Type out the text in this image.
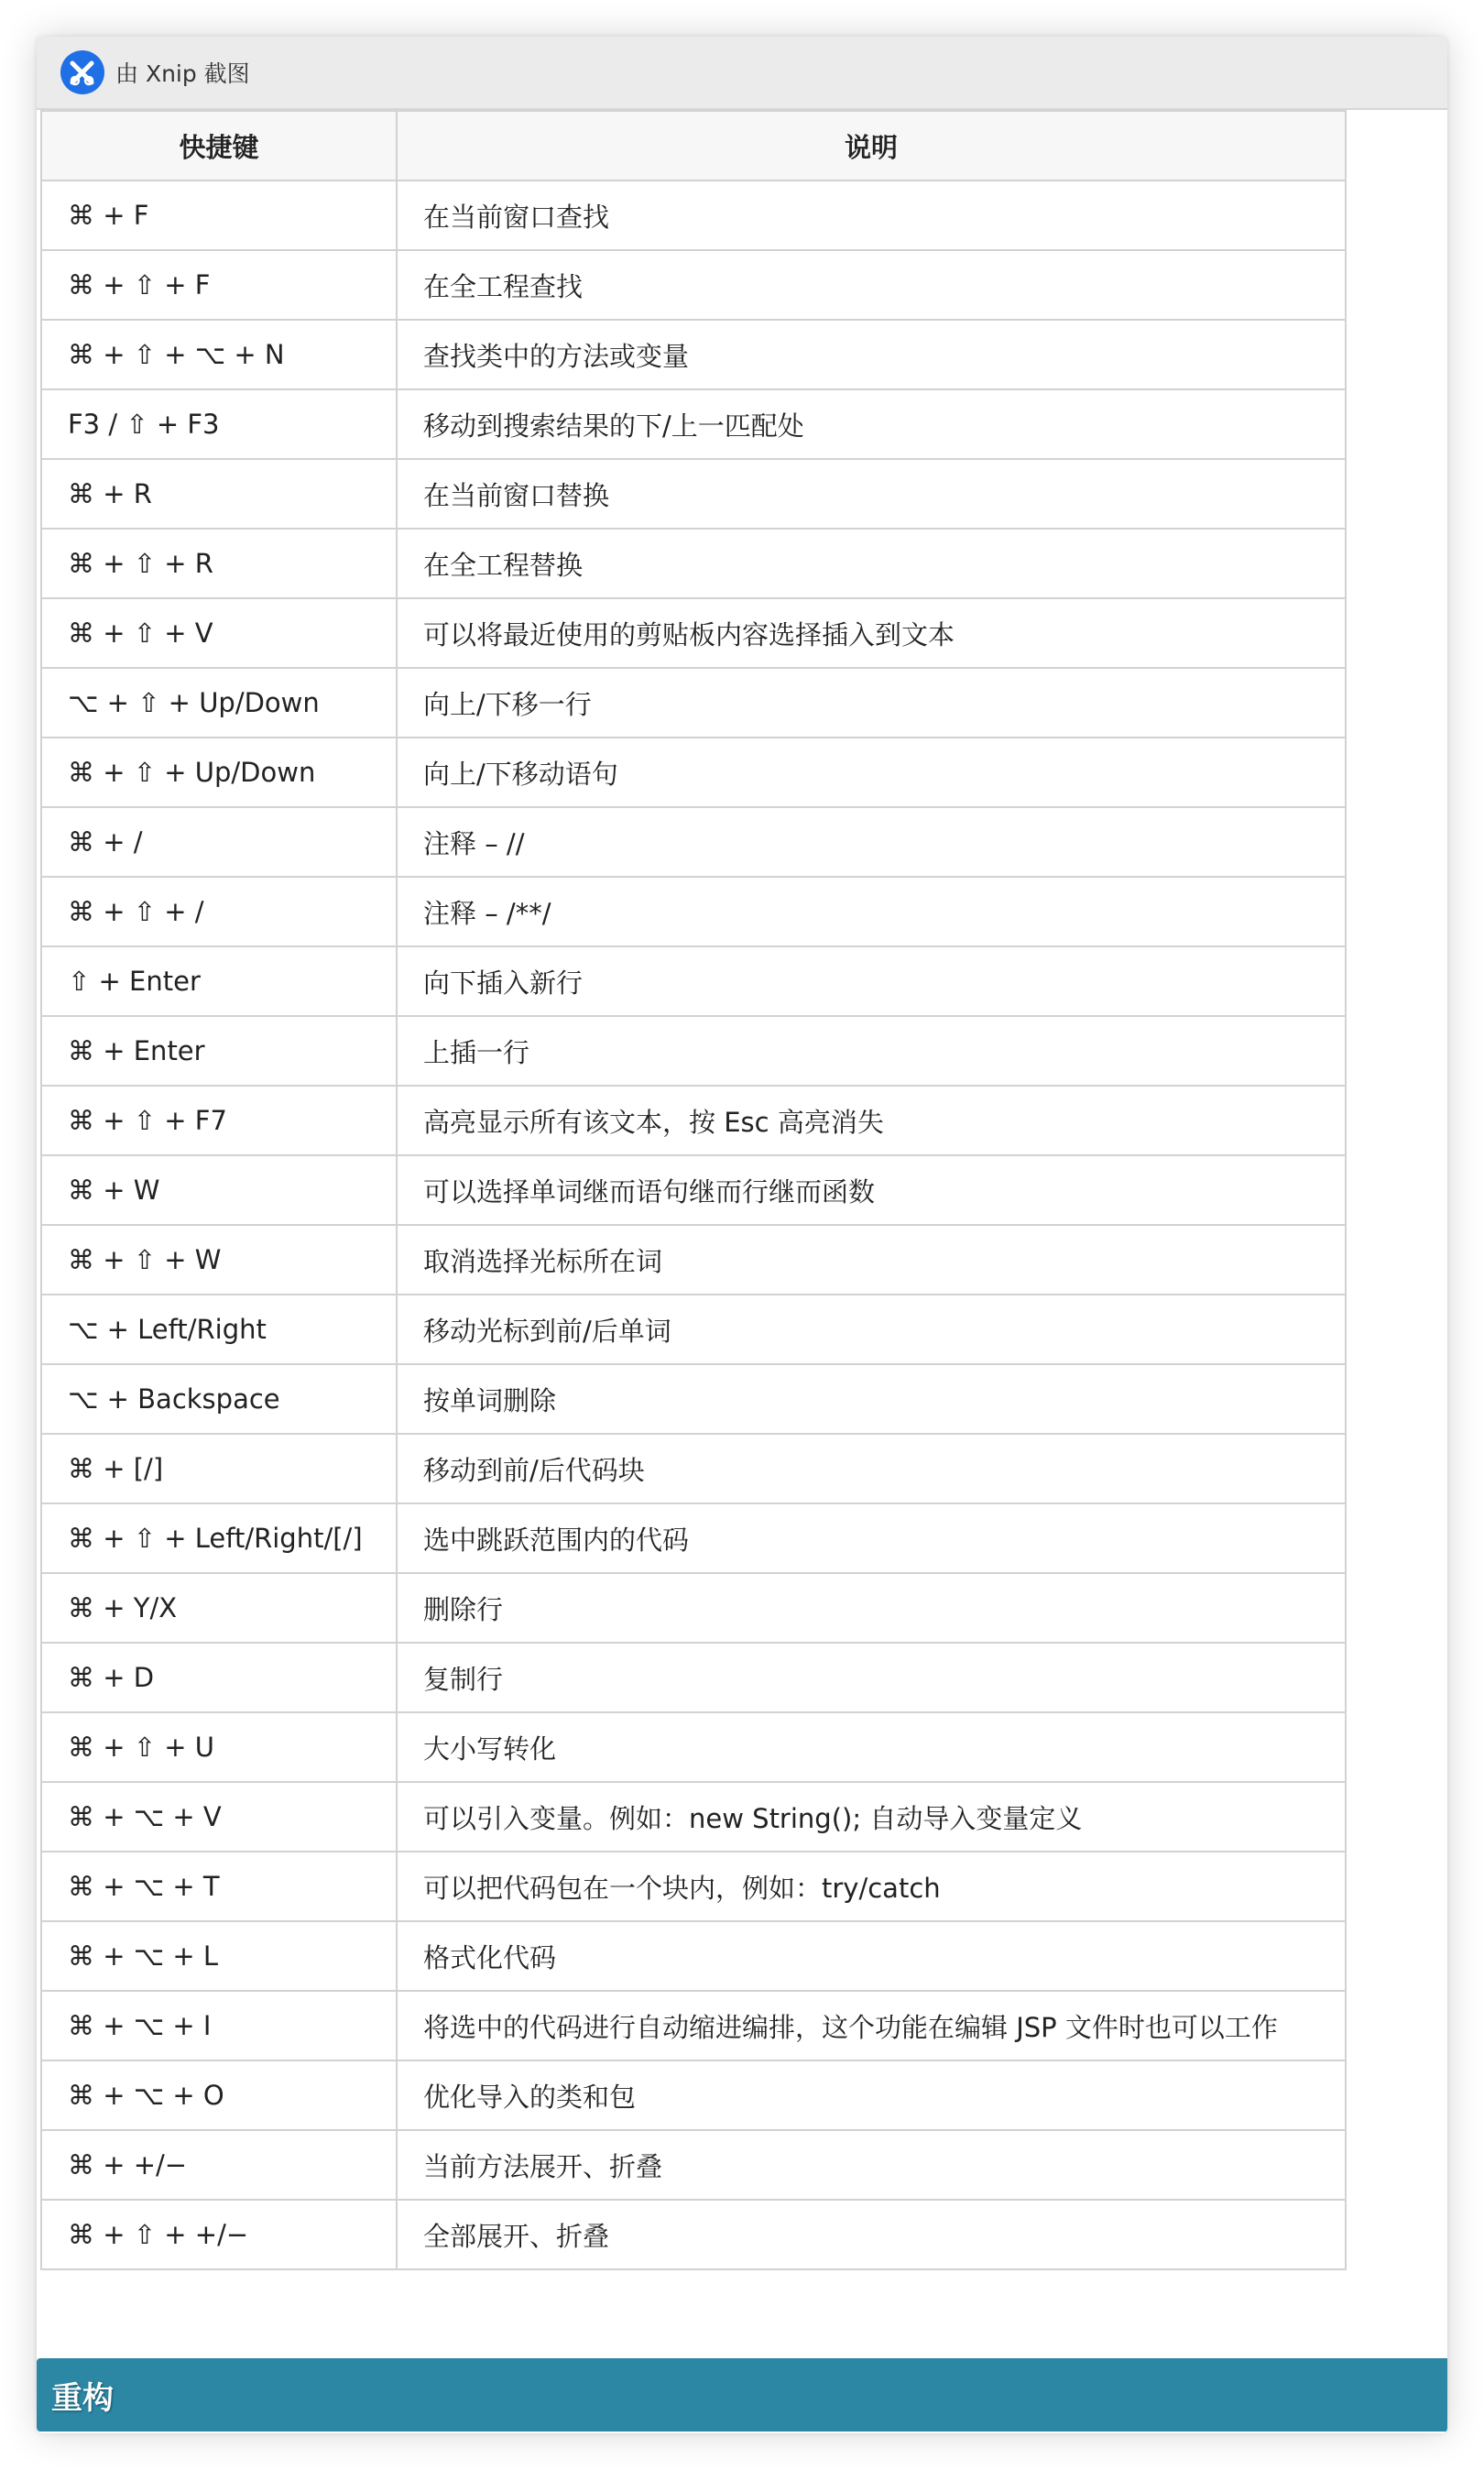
由 Xnip 截图
快捷键	说明
⌘ + F	在当前窗口查找
⌘ + ⇧ + F	在全工程查找
⌘ + ⇧ + ⌥ + N	查找类中的方法或变量
F3 / ⇧ + F3	移动到搜索结果的下/上一匹配处
⌘ + R	在当前窗口替换
⌘ + ⇧ + R	在全工程替换
⌘ + ⇧ + V	可以将最近使用的剪贴板内容选择插入到文本
⌥ + ⇧ + Up/Down	向上/下移一行
⌘ + ⇧ + Up/Down	向上/下移动语句
⌘ + /	注释 – //
⌘ + ⇧ + /	注释 – /**/
⇧ + Enter	向下插入新行
⌘ + Enter	上插一行
⌘ + ⇧ + F7	高亮显示所有该文本，按 Esc 高亮消失
⌘ + W	可以选择单词继而语句继而行继而函数
⌘ + ⇧ + W	取消选择光标所在词
⌥ + Left/Right	移动光标到前/后单词
⌥ + Backspace	按单词删除
⌘ + [/]	移动到前/后代码块
⌘ + ⇧ + Left/Right/[/]	选中跳跃范围内的代码
⌘ + Y/X	删除行
⌘ + D	复制行
⌘ + ⇧ + U	大小写转化
⌘ + ⌥ + V	可以引入变量。例如：new String(); 自动导入变量定义
⌘ + ⌥ + T	可以把代码包在一个块内，例如：try/catch
⌘ + ⌥ + L	格式化代码
⌘ + ⌥ + I	将选中的代码进行自动缩进编排，这个功能在编辑 JSP 文件时也可以工作
⌘ + ⌥ + O	优化导入的类和包
⌘ + +/−	当前方法展开、折叠
⌘ + ⇧ + +/−	全部展开、折叠
重构
